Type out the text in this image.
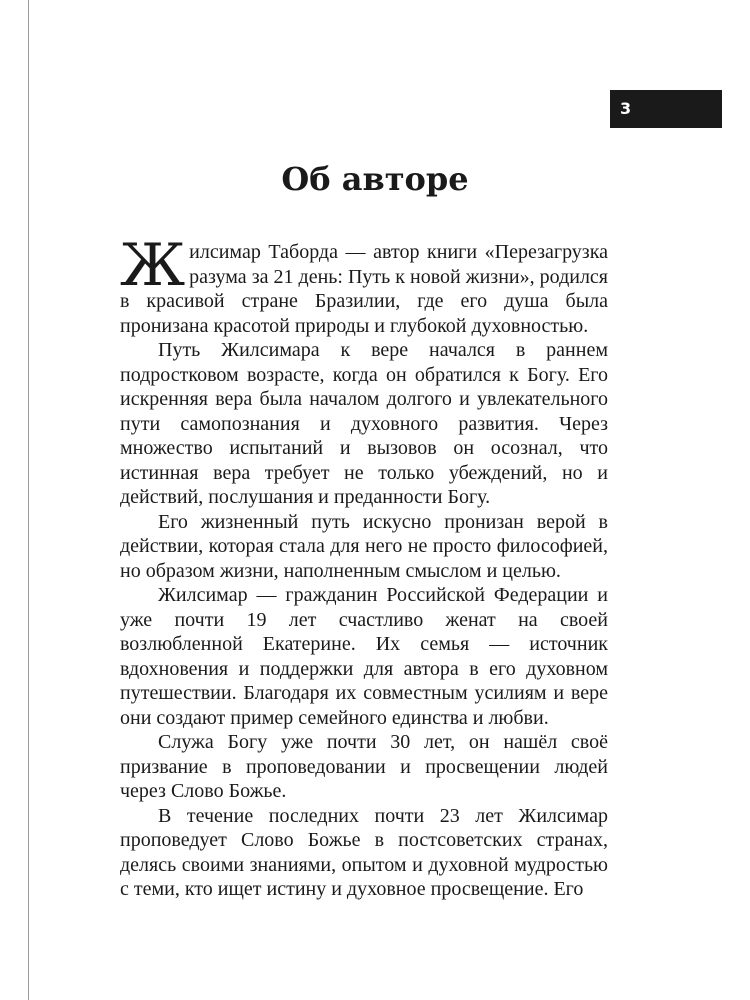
3
Об авторе

Жилсимар Таборда — автор книги «Перезагрузка разума за 21 день: Путь к новой жизни», родился в красивой стране Бразилии, где его душа была пронизана красотой природы и глубокой духовностью.

Путь Жилсимара к вере начался в раннем подростковом возрасте, когда он обратился к Богу. Его искренняя вера была началом долгого и увлекательного пути самопознания и духовного развития. Через множество испытаний и вызовов он осознал, что истинная вера требует не только убеждений, но и действий, послушания и преданности Богу.

Его жизненный путь искусно пронизан верой в действии, которая стала для него не просто философией, но образом жизни, наполненным смыслом и целью.

Жилсимар — гражданин Российской Федерации и уже почти 19 лет счастливо женат на своей возлюбленной Екатерине. Их семья — источник вдохновения и поддержки для автора в его духовном путешествии. Благодаря их совместным усилиям и вере они создают пример семейного единства и любви.

Служа Богу уже почти 30 лет, он нашёл своё призвание в проповедовании и просвещении людей через Слово Божье.

В течение последних почти 23 лет Жилсимар проповедует Слово Божье в постсоветских странах, делясь своими знаниями, опытом и духовной мудростью с теми, кто ищет истину и духовное просвещение. Его
